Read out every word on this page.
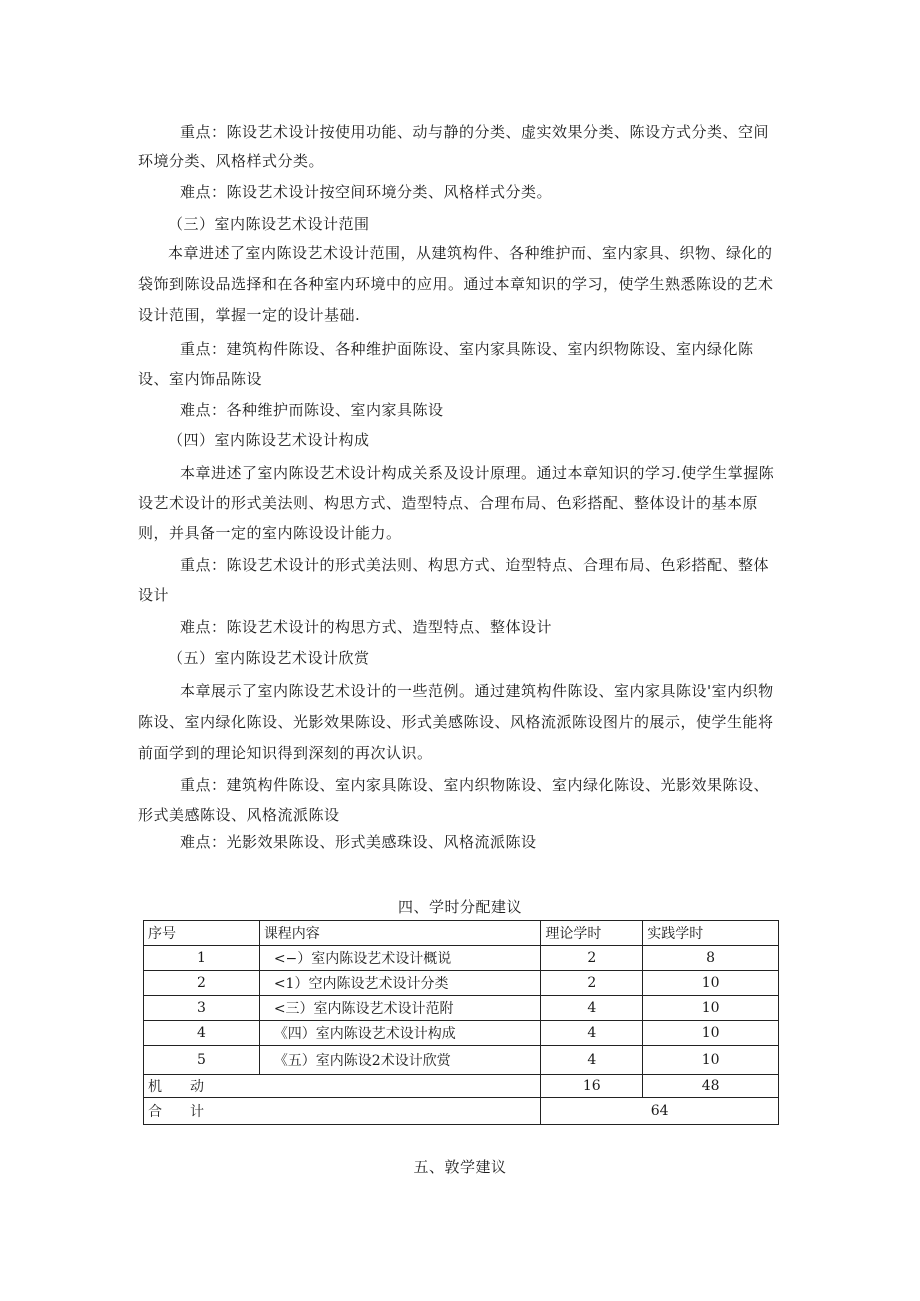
重点：陈设艺术设计按使用功能、动与静的分类、虚实效果分类、陈设方式分类、空间环境分类、风格样式分类。

难点：陈设艺术设计按空间环境分类、风格样式分类。

（三）室内陈设艺术设计范围

本章进述了室内陈设艺术设计范围，从建筑构件、各种维护而、室内家具、织物、绿化的袋饰到陈设品选择和在各种室内环境中的应用。通过本章知识的学习，使学生熟悉陈设的艺术设计范围，掌握一定的设计基础.

重点：建筑构件陈设、各种维护面陈设、室内家具陈设、室内织物陈设、室内绿化陈设、室内饰品陈设

难点：各种维护而陈设、室内家具陈设

（四）室内陈设艺术设计构成

本章进述了室内陈设艺术设计构成关系及设计原理。通过本章知识的学习.使学生掌握陈设艺术设计的形式美法则、构思方式、造型特点、合理布局、色彩搭配、整体设计的基本原则，并具备一定的室内陈设设计能力。

重点：陈设艺术设计的形式美法则、构思方式、迨型特点、合理布局、色彩搭配、整体设计

难点：陈设艺术设计的构思方式、造型特点、整体设计

（五）室内陈设艺术设计欣赏

本章展示了室内陈设艺术设计的一些范例。通过建筑构件陈设、室内家具陈设'室内织物陈设、室内绿化陈设、光影效果陈设、形式美感陈设、风格流派陈设图片的展示，使学生能将前面学到的理论知识得到深刻的再次认识。

重点：建筑构件陈设、室内家具陈设、室内织物陈设、室内绿化陈设、光影效果陈设、形式美感陈设、风格流派陈设

难点：光影效果陈设、形式美感珠设、风格流派陈设

四、学时分配建议

序号	课程内容	理论学时	实践学时
1	<−）室内陈设艺术设计概说	2	8
2	<1）空内陈设艺术设计分类	2	10
3	<三）室内陈设艺术设计范附	4	10
4	《四）室内陈设艺术设计构成	4	10
5	《五）室内陈设2术设计欣赏	4	10
机　　动		16	48
合　　计		64	

五、敦学建议
